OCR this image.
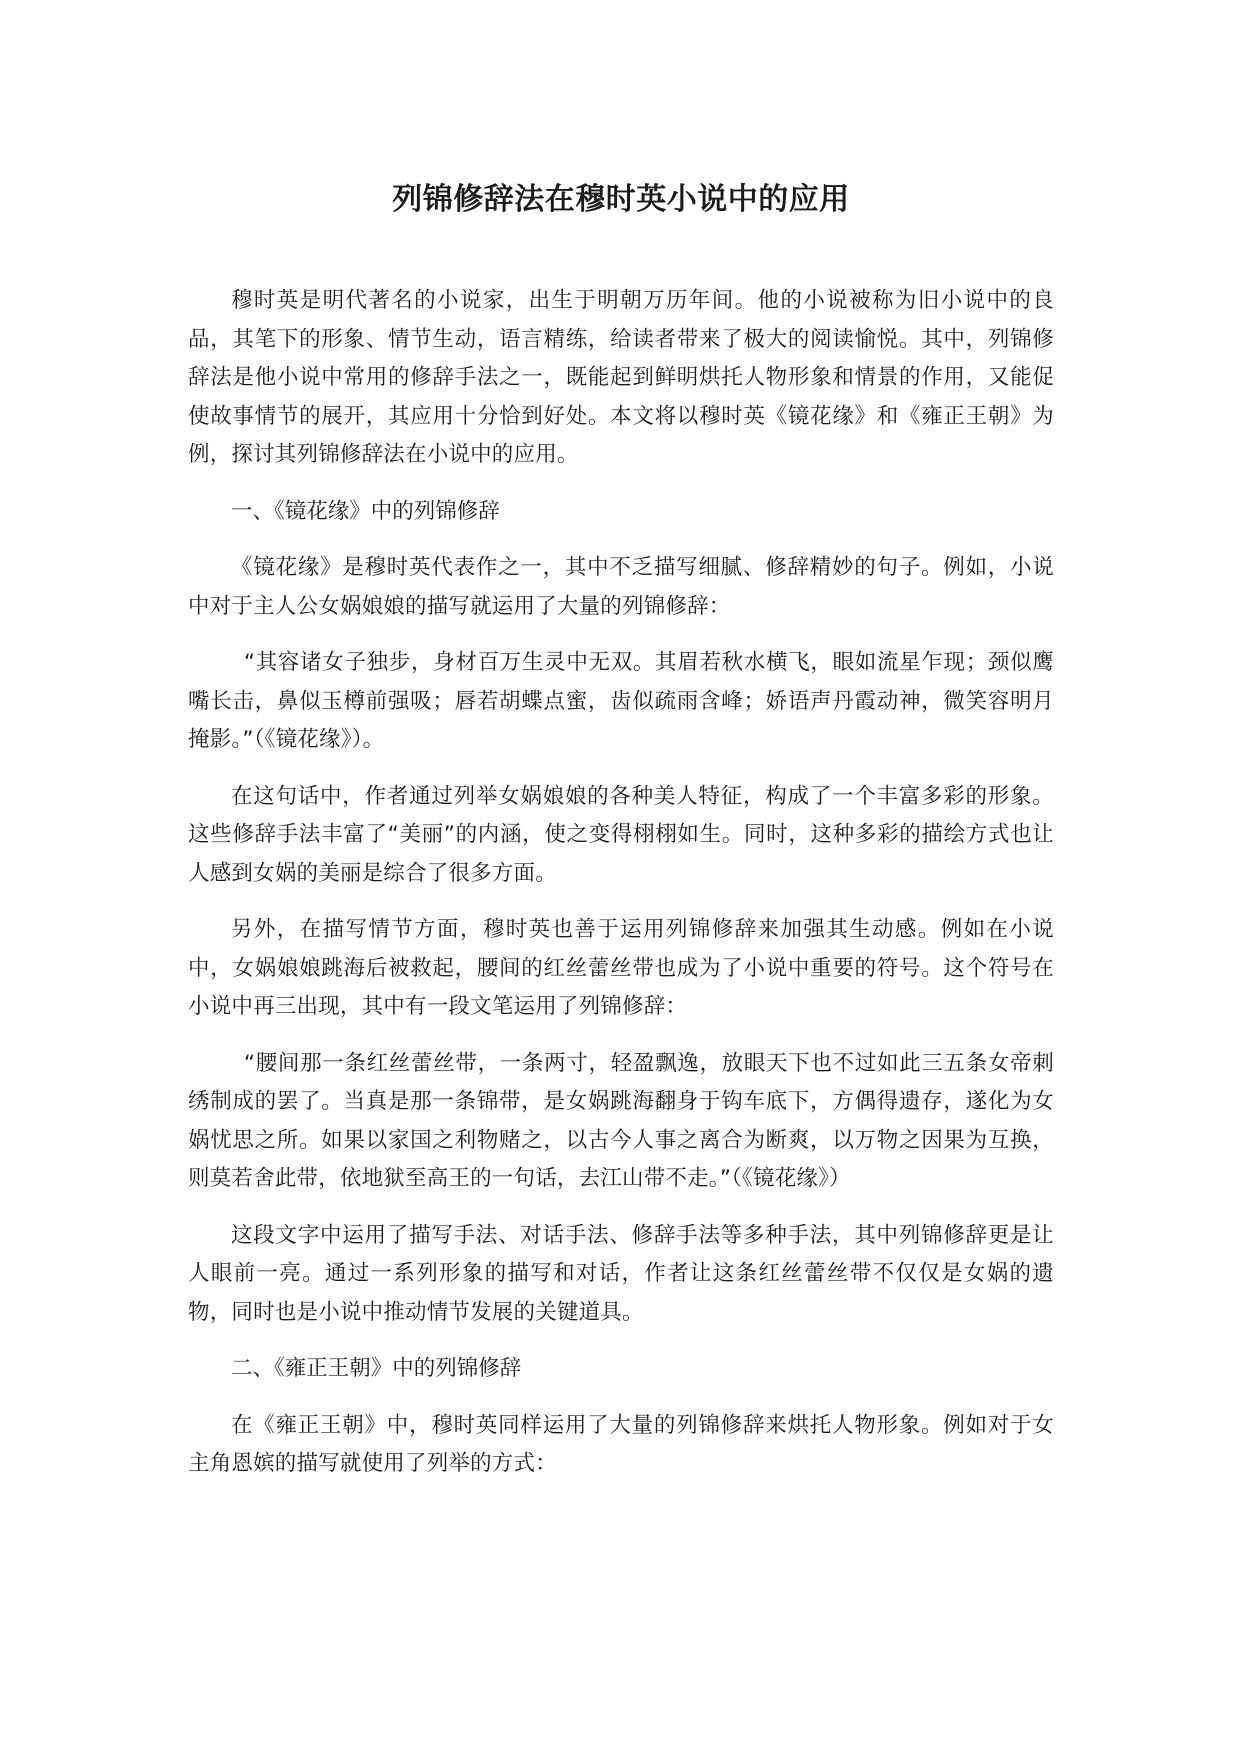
列锦修辞法在穆时英小说中的应用

穆时英是明代著名的小说家，出生于明朝万历年间。他的小说被称为旧小说中的良品，其笔下的形象、情节生动，语言精练，给读者带来了极大的阅读愉悦。其中，列锦修辞法是他小说中常用的修辞手法之一，既能起到鲜明烘托人物形象和情景的作用，又能促使故事情节的展开，其应用十分恰到好处。本文将以穆时英《镜花缘》和《雍正王朝》为例，探讨其列锦修辞法在小说中的应用。

一、《镜花缘》中的列锦修辞

《镜花缘》是穆时英代表作之一，其中不乏描写细腻、修辞精妙的句子。例如，小说中对于主人公女娲娘娘的描写就运用了大量的列锦修辞：

“其容诸女子独步，身材百万生灵中无双。其眉若秋水横飞，眼如流星乍现；颈似鹰嘴长击，鼻似玉樽前强吸；唇若胡蝶点蜜，齿似疏雨含峰；娇语声丹霞动神，微笑容明月掩影。”（《镜花缘》）。

在这句话中，作者通过列举女娲娘娘的各种美人特征，构成了一个丰富多彩的形象。这些修辞手法丰富了“美丽”的内涵，使之变得栩栩如生。同时，这种多彩的描绘方式也让人感到女娲的美丽是综合了很多方面。

另外，在描写情节方面，穆时英也善于运用列锦修辞来加强其生动感。例如在小说中，女娲娘娘跳海后被救起，腰间的红丝蕾丝带也成为了小说中重要的符号。这个符号在小说中再三出现，其中有一段文笔运用了列锦修辞：

“腰间那一条红丝蕾丝带，一条两寸，轻盈飘逸，放眼天下也不过如此三五条女帝刺绣制成的罢了。当真是那一条锦带，是女娲跳海翻身于钩车底下，方偶得遗存，遂化为女娲忧思之所。如果以家国之利物赌之，以古今人事之离合为断爽，以万物之因果为互换，则莫若舍此带，依地狱至高王的一句话，去江山带不走。”（《镜花缘》）

这段文字中运用了描写手法、对话手法、修辞手法等多种手法，其中列锦修辞更是让人眼前一亮。通过一系列形象的描写和对话，作者让这条红丝蕾丝带不仅仅是女娲的遗物，同时也是小说中推动情节发展的关键道具。

二、《雍正王朝》中的列锦修辞

在《雍正王朝》中，穆时英同样运用了大量的列锦修辞来烘托人物形象。例如对于女主角恩嫔的描写就使用了列举的方式：
